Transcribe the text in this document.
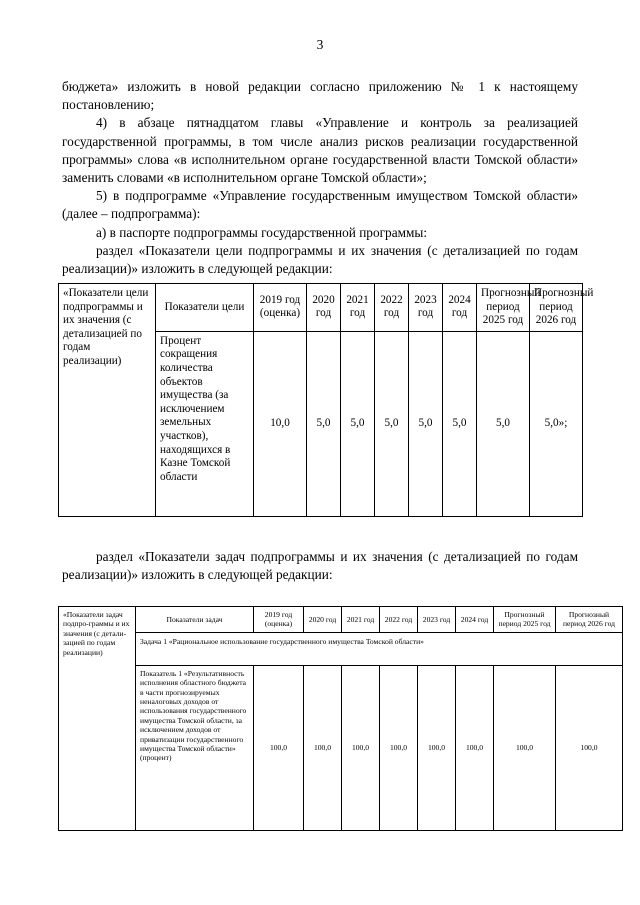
3

бюджета» изложить в новой редакции согласно приложению № 1 к настоящему постановлению;

4) в абзаце пятнадцатом главы «Управление и контроль за реализацией государственной программы, в том числе анализ рисков реализации государственной программы» слова «в исполнительном органе государственной власти Томской области» заменить словами «в исполнительном органе Томской области»;

5) в подпрограмме «Управление государственным имуществом Томской области» (далее – подпрограмма):

а) в паспорте подпрограммы государственной программы:

раздел «Показатели цели подпрограммы и их значения (с детализацией по годам реализации)» изложить в следующей редакции:

«Показатели цели подпрограммы и их значения (с детализацией по годам реализации)	Показатели цели	2019 год (оценка)	2020 год	2021 год	2022 год	2023 год	2024 год	Прогнозный период 2025 год	Прогнозный период 2026 год
	Процент сокращения количества объектов имущества (за исключением земельных участков), находящихся в Казне Томской области	10,0	5,0	5,0	5,0	5,0	5,0	5,0	5,0»;

раздел «Показатели задач подпрограммы и их значения (с детализацией по годам реализации)» изложить в следующей редакции:

«Показатели задач подпро-граммы и их значения (с детали-зацией по годам реализации)	Показатели задач	2019 год (оценка)	2020 год	2021 год	2022 год	2023 год	2024 год	Прогнозный период 2025 год	Прогнозный период 2026 год
	Задача 1 «Рациональное использование государственного имущества Томской области»								
	Показатель 1 «Результативность исполнения областного бюджета в части прогнозируемых неналоговых доходов от использования государственного имущества Томской области, за исключением доходов от приватизации государственного имущества Томской области» (процент)	100,0	100,0	100,0	100,0	100,0	100,0	100,0	100,0
